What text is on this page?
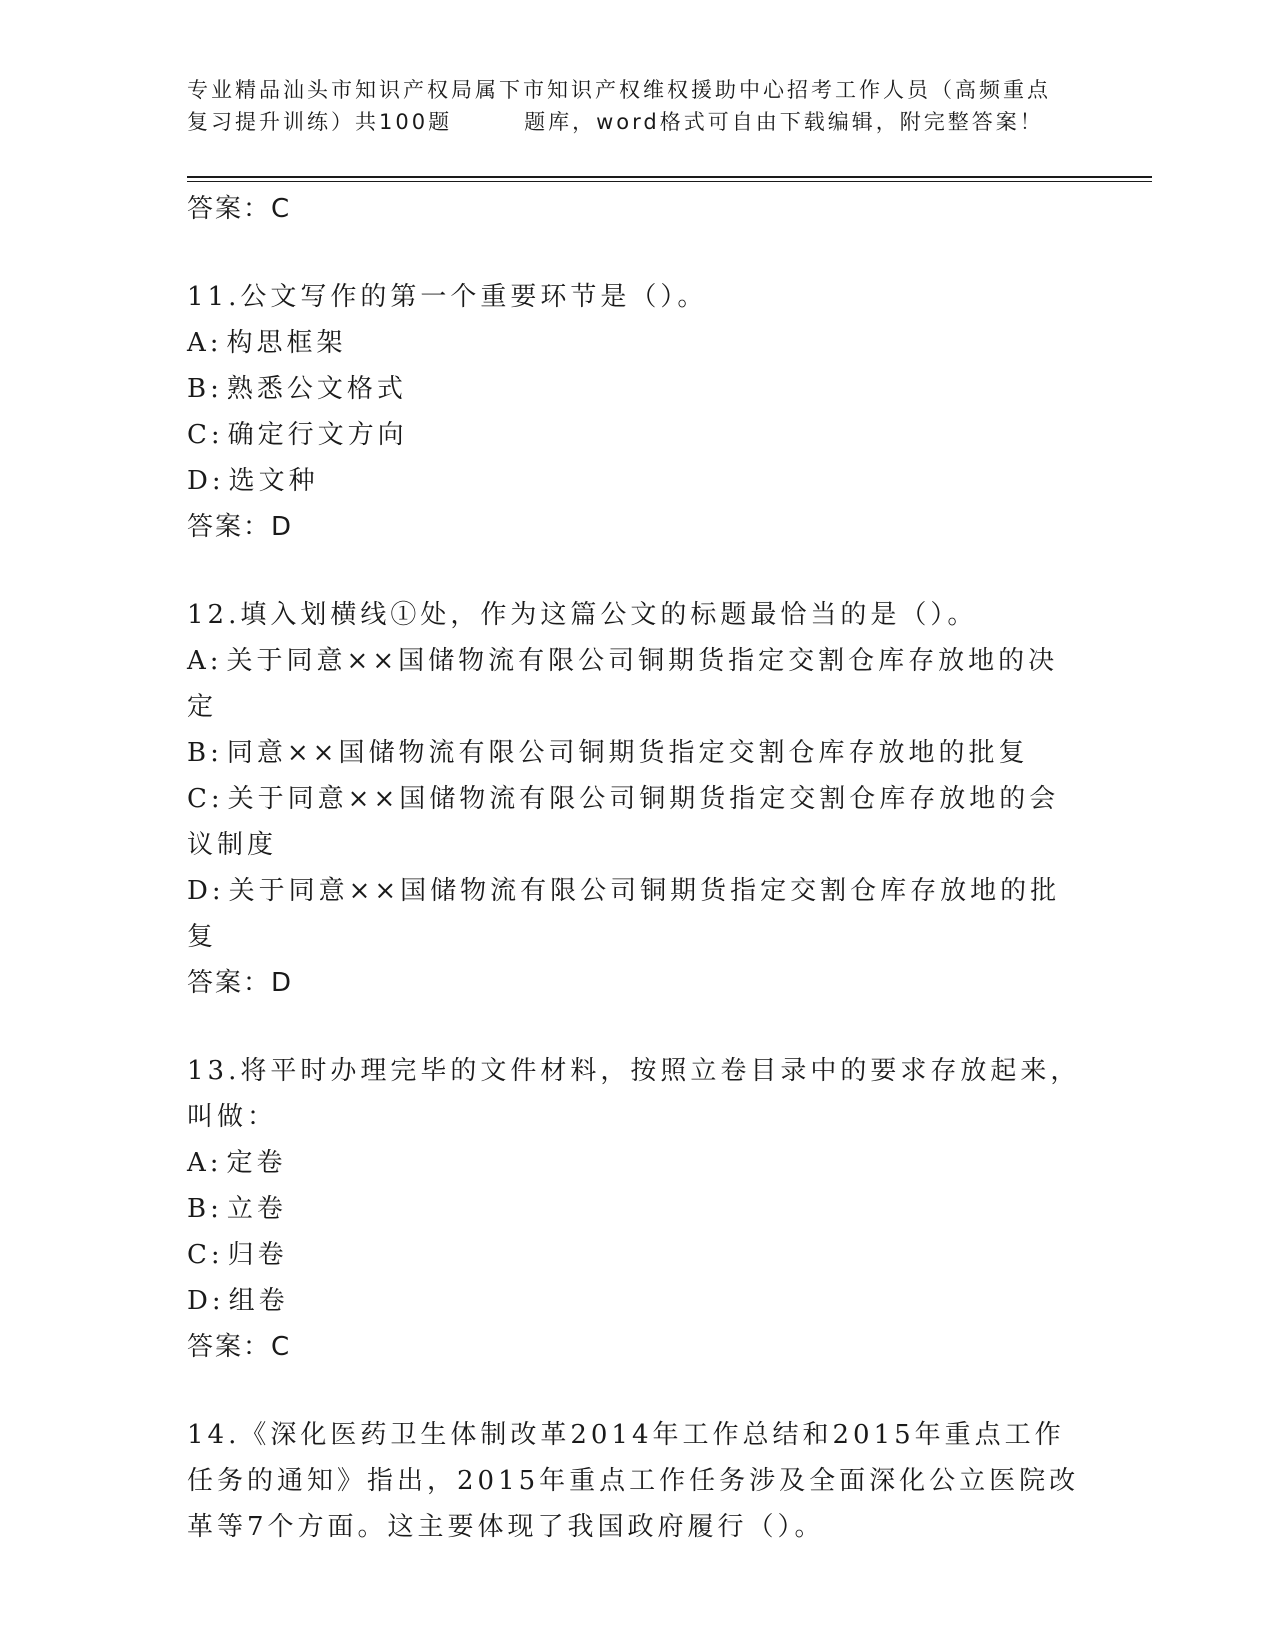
专业精品汕头市知识产权局属下市知识产权维权援助中心招考工作人员（高频重点
复习提升训练）共100题	题库，word格式可自由下载编辑，附完整答案！
答案：C
11.公文写作的第一个重要环节是（）。
A: 构思框架
B: 熟悉公文格式
C: 确定行文方向
D: 选文种
答案：D
12.填入划横线①处，作为这篇公文的标题最恰当的是（）。
A: 关于同意××国储物流有限公司铜期货指定交割仓库存放地的决定
B: 同意××国储物流有限公司铜期货指定交割仓库存放地的批复
C: 关于同意××国储物流有限公司铜期货指定交割仓库存放地的会议制度
D: 关于同意××国储物流有限公司铜期货指定交割仓库存放地的批复
答案：D
13.将平时办理完毕的文件材料，按照立卷目录中的要求存放起来，叫做：
A: 定卷
B: 立卷
C: 归卷
D: 组卷
答案：C
14.《深化医药卫生体制改革2014年工作总结和2015年重点工作任务的通知》指出，2015年重点工作任务涉及全面深化公立医院改革等7个方面。这主要体现了我国政府履行（）。
